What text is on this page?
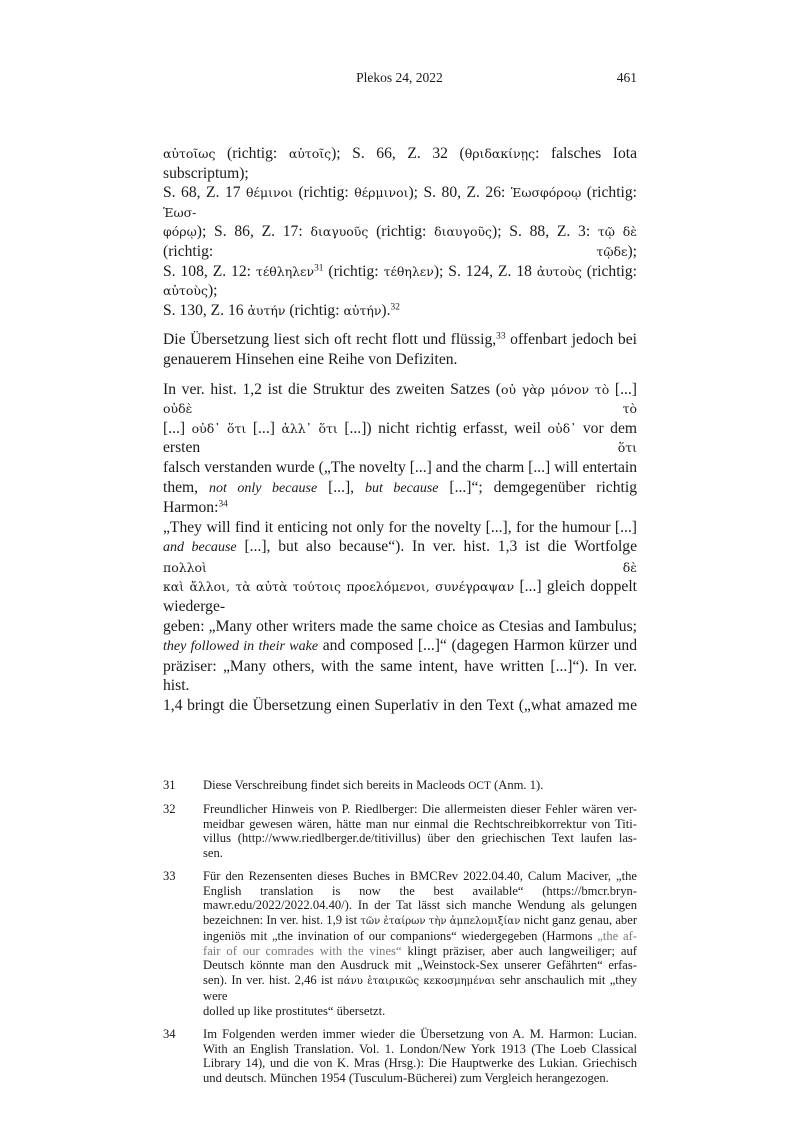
Plekos 24, 2022	461
αὐτοῖως (richtig: αὐτοῖς); S. 66, Z. 32 (θριδακίνῃς: falsches Iota subscriptum);
S. 68, Z. 17 θέμινοι (richtig: θέρμινοι); S. 80, Z. 26: Ἑωσφόροῳ (richtig: Ἑωσ-
φόρῳ); S. 86, Z. 17: διαγυοῦς (richtig: διαυγοῦς); S. 88, Z. 3: τῷ δὲ (richtig: τῷδε);
S. 108, Z. 12: τέθληλεν$^{31}$ (richtig: τέθηλεν); S. 124, Z. 18 ἀυτοὺς (richtig: αὐτοὺς);
S. 130, Z. 16 ἀυτήν (richtig: αὐτήν).$^{32}$
Die Übersetzung liest sich oft recht flott und flüssig,$^{33}$ offenbart jedoch bei
genauerem Hinsehen eine Reihe von Defiziten.
In ver. hist. 1,2 ist die Struktur des zweiten Satzes (οὐ γὰρ μόνον τὸ [...] οὐδὲ τὸ
[...] οὐδ᾽ ὅτι [...] ἀλλ᾽ ὅτι [...]) nicht richtig erfasst, weil οὐδ᾽ vor dem ersten ὅτι
falsch verstanden wurde („The novelty [...] and the charm [...] will entertain
them, not only because [...], but because [...]“; demgegenüber richtig Harmon:$^{34}$
„They will find it enticing not only for the novelty [...], for the humour [...]
and because [...], but also because“). In ver. hist. 1,3 ist die Wortfolge πολλοὶ δὲ
καὶ ἄλλοι, τὰ αὐτὰ τούτοις προελόμενοι, συνέγραψαν [...] gleich doppelt wiederge-
geben: „Many other writers made the same choice as Ctesias and Iambulus;
they followed in their wake and composed [...]“ (dagegen Harmon kürzer und
präziser: „Many others, with the same intent, have written [...]“). In ver. hist.
1,4 bringt die Übersetzung einen Superlativ in den Text („what amazed me
31 Diese Verschreibung findet sich bereits in Macleods OCT (Anm. 1).
32 Freundlicher Hinweis von P. Riedlberger: Die allermeisten dieser Fehler wären ver-
meidbar gewesen wären, hätte man nur einmal die Rechtschreibkorrektur von Titi-
villus (http://www.riedlberger.de/titivillus) über den griechischen Text laufen las-
sen.
33 Für den Rezensenten dieses Buches in BMCRev 2022.04.40, Calum Maciver, „the
English translation is now the best available“ (https://bmcr.bryn-
mawr.edu/2022/2022.04.40/). In der Tat lässt sich manche Wendung als gelungen
bezeichnen: In ver. hist. 1,9 ist τῶν ἑταίρων τὴν ἀμπελομιξίαν nicht ganz genau, aber
ingeniös mit „the invination of our companions“ wiedergegeben (Harmons „the af-
fair of our comrades with the vines“ klingt präziser, aber auch langweiliger; auf
Deutsch könnte man den Ausdruck mit „Weinstock-Sex unserer Gefährten“ erfas-
sen). In ver. hist. 2,46 ist πάνυ ἑταιρικῶς κεκοσμημέναι sehr anschaulich mit „they were
dolled up like prostitutes“ übersetzt.
34 Im Folgenden werden immer wieder die Übersetzung von A. M. Harmon: Lucian.
With an English Translation. Vol. 1. London/New York 1913 (The Loeb Classical
Library 14), und die von K. Mras (Hrsg.): Die Hauptwerke des Lukian. Griechisch
und deutsch. München 1954 (Tusculum-Bücherei) zum Vergleich herangezogen.
